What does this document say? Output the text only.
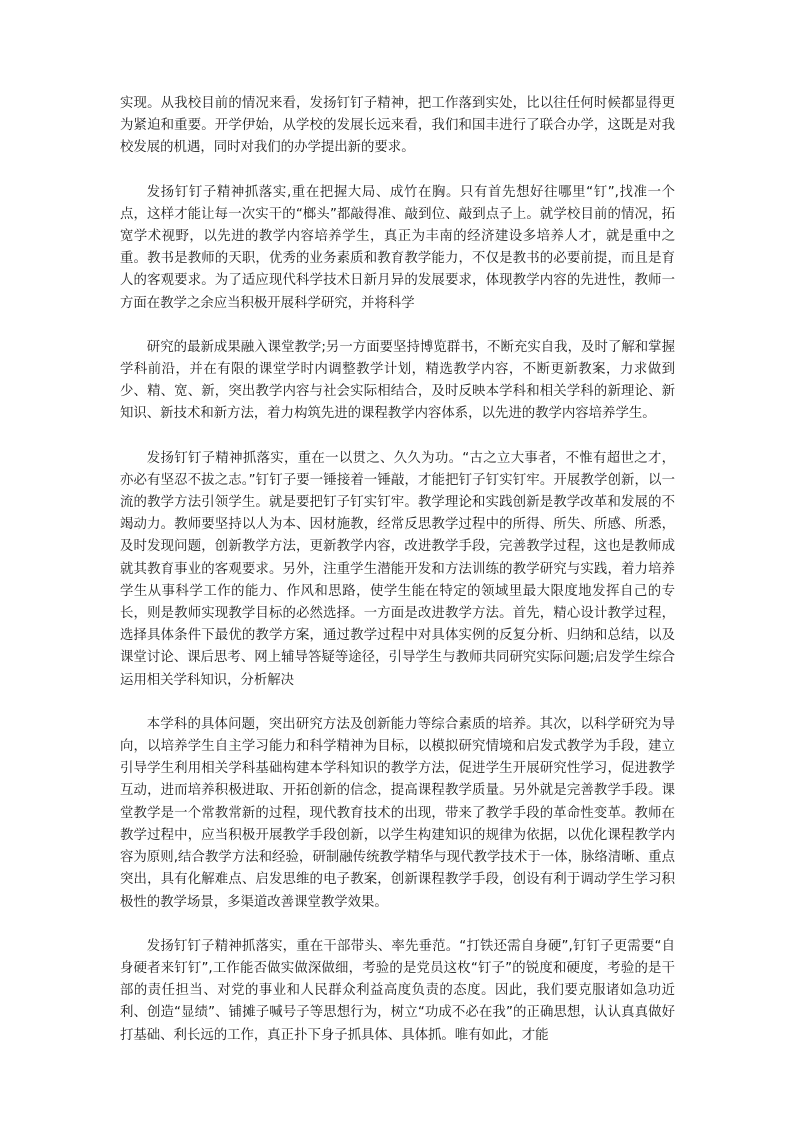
实现。从我校目前的情况来看，发扬钉钉子精神，把工作落到实处，比以往任何时候都显得更为紧迫和重要。开学伊始，从学校的发展长远来看，我们和国丰进行了联合办学，这既是对我校发展的机遇，同时对我们的办学提出新的要求。

发扬钉钉子精神抓落实,重在把握大局、成竹在胸。只有首先想好往哪里“钉”,找准一个点，这样才能让每一次实干的“榔头”都敲得准、敲到位、敲到点子上。就学校目前的情况，拓宽学术视野，以先进的教学内容培养学生，真正为丰南的经济建设多培养人才，就是重中之重。教书是教师的天职，优秀的业务素质和教育教学能力，不仅是教书的必要前提，而且是育人的客观要求。为了适应现代科学技术日新月异的发展要求，体现教学内容的先进性，教师一方面在教学之余应当积极开展科学研究，并将科学

研究的最新成果融入课堂教学;另一方面要坚持博览群书，不断充实自我，及时了解和掌握学科前沿，并在有限的课堂学时内调整教学计划，精选教学内容，不断更新教案，力求做到少、精、宽、新，突出教学内容与社会实际相结合，及时反映本学科和相关学科的新理论、新知识、新技术和新方法，着力构筑先进的课程教学内容体系，以先进的教学内容培养学生。

发扬钉钉子精神抓落实，重在一以贯之、久久为功。“古之立大事者，不惟有超世之才，亦必有坚忍不拔之志。”钉钉子要一锤接着一锤敲，才能把钉子钉实钉牢。开展教学创新，以一流的教学方法引领学生。就是要把钉子钉实钉牢。教学理论和实践创新是教学改革和发展的不竭动力。教师要坚持以人为本、因材施教，经常反思教学过程中的所得、所失、所感、所悉，及时发现问题，创新教学方法，更新教学内容，改进教学手段，完善教学过程，这也是教师成就其教育事业的客观要求。另外，注重学生潜能开发和方法训练的教学研究与实践，着力培养学生从事科学工作的能力、作风和思路，使学生能在特定的领域里最大限度地发挥自己的专长，则是教师实现教学目标的必然选择。一方面是改进教学方法。首先，精心设计教学过程，选择具体条件下最优的教学方案，通过教学过程中对具体实例的反复分析、归纳和总结，以及课堂讨论、课后思考、网上辅导答疑等途径，引导学生与教师共同研究实际问题;启发学生综合运用相关学科知识，分析解决

本学科的具体问题，突出研究方法及创新能力等综合素质的培养。其次，以科学研究为导向，以培养学生自主学习能力和科学精神为目标，以模拟研究情境和启发式教学为手段，建立引导学生利用相关学科基础构建本学科知识的教学方法，促进学生开展研究性学习，促进教学互动，进而培养积极进取、开拓创新的信念，提高课程教学质量。另外就是完善教学手段。课堂教学是一个常教常新的过程，现代教育技术的出现，带来了教学手段的革命性变革。教师在教学过程中，应当积极开展教学手段创新，以学生构建知识的规律为依据，以优化课程教学内容为原则,结合教学方法和经验，研制融传统教学精华与现代教学技术于一体，脉络清晰、重点突出，具有化解难点、启发思维的电子教案，创新课程教学手段，创设有利于调动学生学习积极性的教学场景，多渠道改善课堂教学效果。

发扬钉钉子精神抓落实，重在干部带头、率先垂范。“打铁还需自身硬”,钉钉子更需要“自身硬者来钉钉”,工作能否做实做深做细，考验的是党员这枚“钉子”的锐度和硬度，考验的是干部的责任担当、对党的事业和人民群众利益高度负责的态度。因此，我们要克服诸如急功近利、创造“显绩”、铺摊子喊号子等思想行为，树立“功成不必在我”的正确思想，认认真真做好打基础、利长远的工作，真正扑下身子抓具体、具体抓。唯有如此，才能
